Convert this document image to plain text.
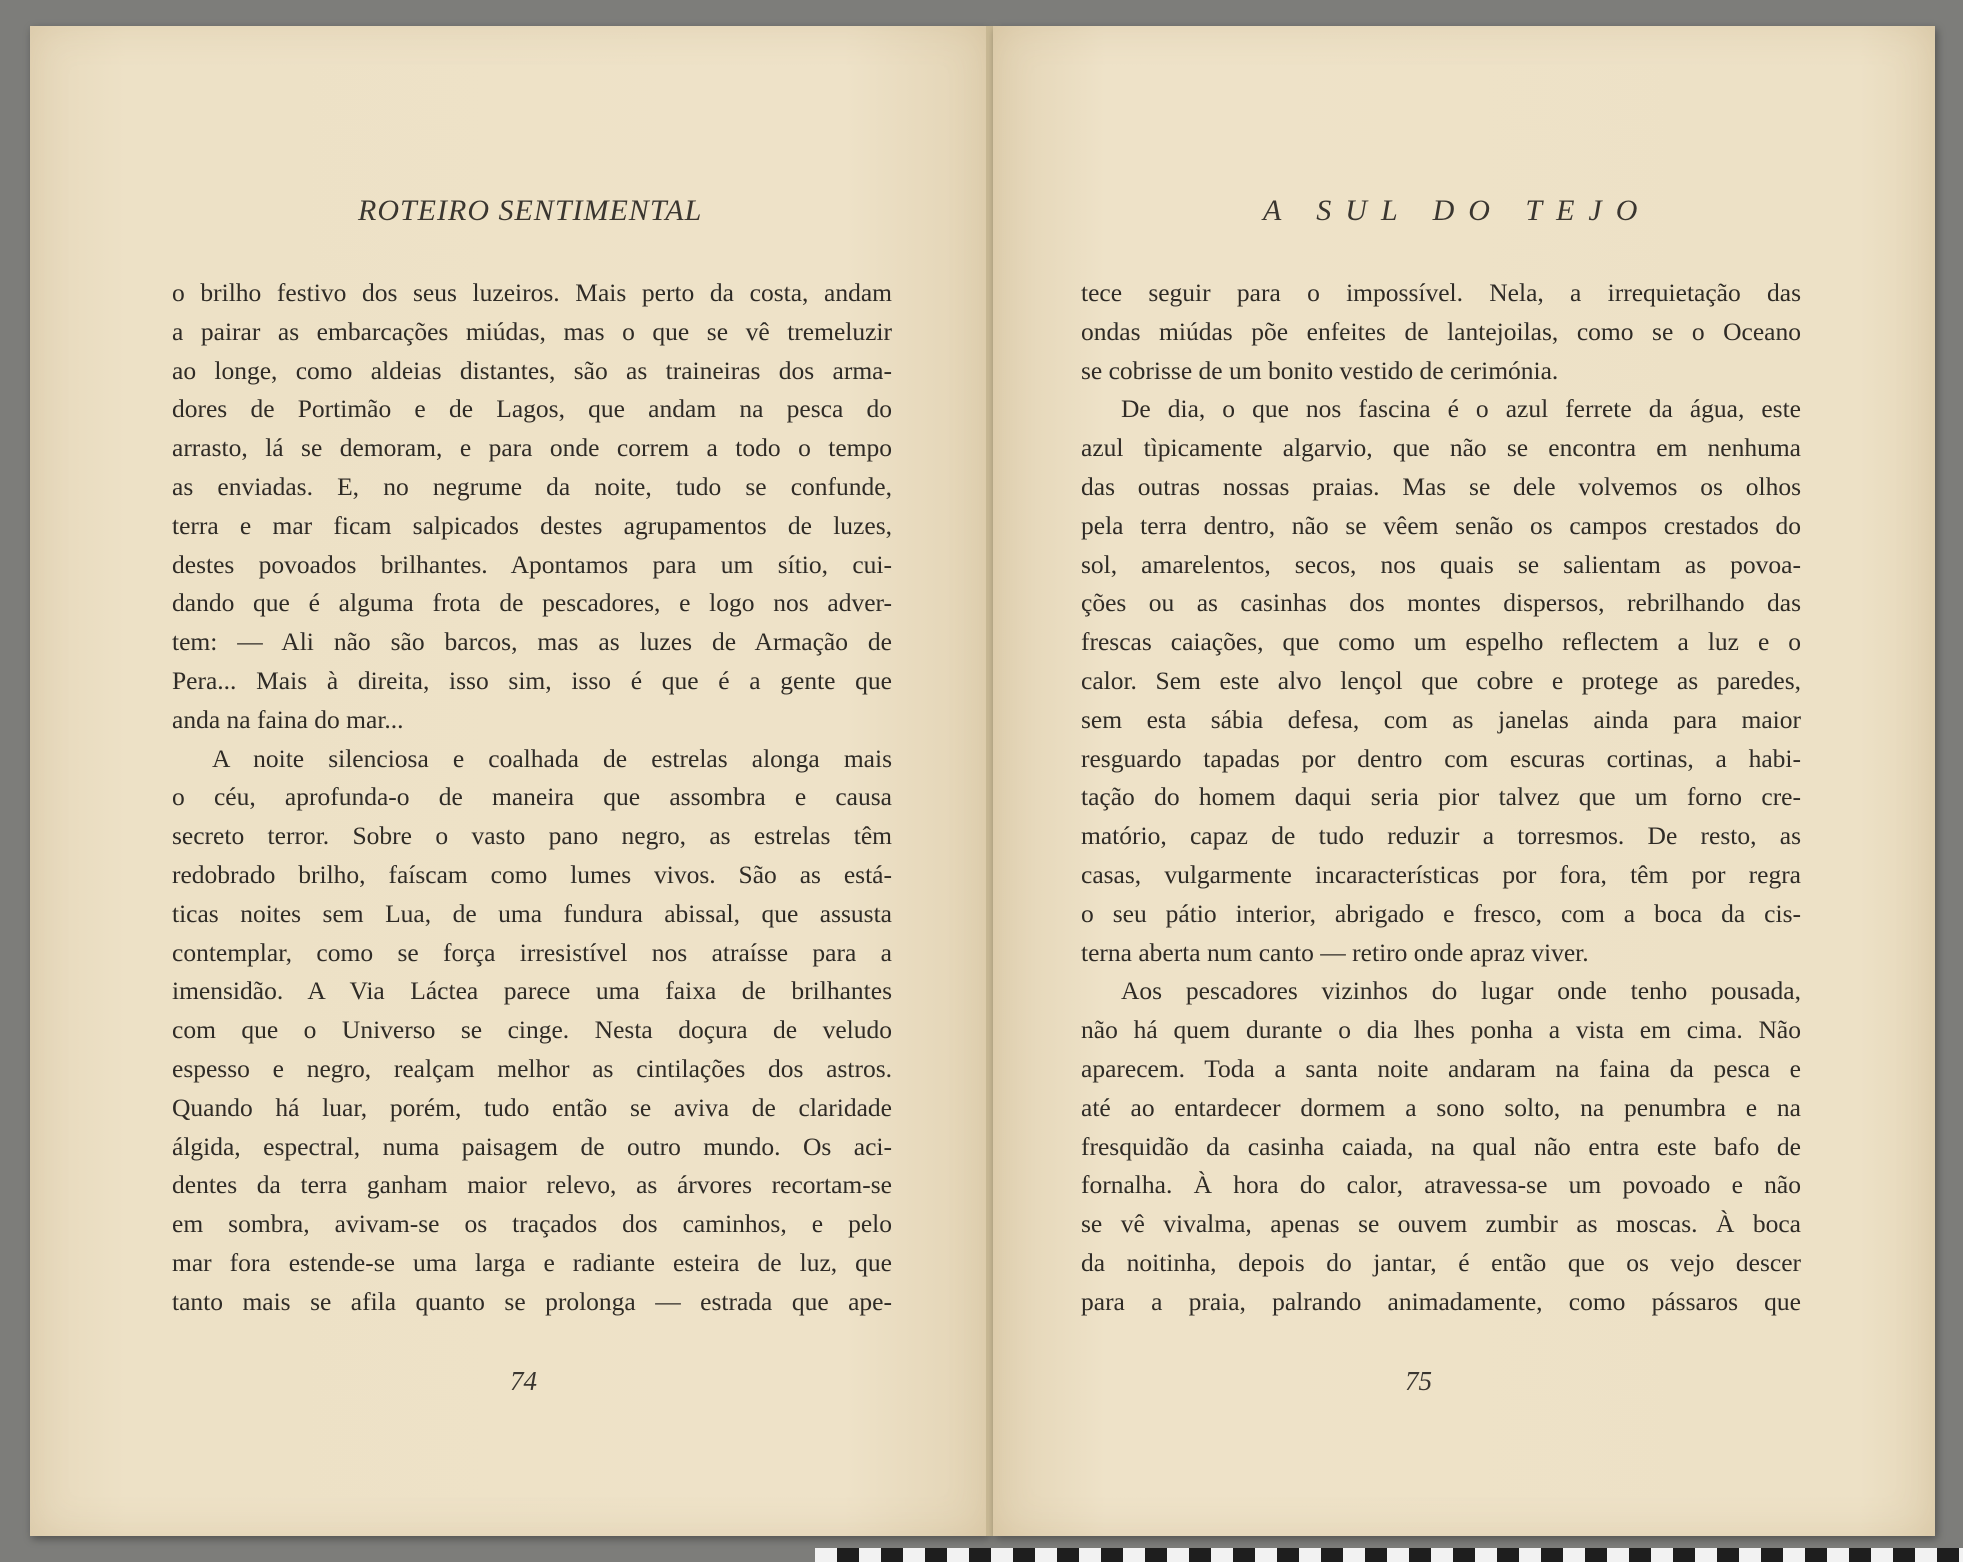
ROTEIRO SENTIMENTAL
o brilho festivo dos seus luzeiros. Mais perto da costa, andam
a pairar as embarcações miúdas, mas o que se vê tremeluzir
ao longe, como aldeias distantes, são as traineiras dos arma-
dores de Portimão e de Lagos, que andam na pesca do
arrasto, lá se demoram, e para onde correm a todo o tempo
as enviadas. E, no negrume da noite, tudo se confunde,
terra e mar ficam salpicados destes agrupamentos de luzes,
destes povoados brilhantes. Apontamos para um sítio, cui-
dando que é alguma frota de pescadores, e logo nos adver-
tem: — Ali não são barcos, mas as luzes de Armação de
Pera... Mais à direita, isso sim, isso é que é a gente que
anda na faina do mar...
A noite silenciosa e coalhada de estrelas alonga mais
o céu, aprofunda-o de maneira que assombra e causa
secreto terror. Sobre o vasto pano negro, as estrelas têm
redobrado brilho, faíscam como lumes vivos. São as está-
ticas noites sem Lua, de uma fundura abissal, que assusta
contemplar, como se força irresistível nos atraísse para a
imensidão. A Via Láctea parece uma faixa de brilhantes
com que o Universo se cinge. Nesta doçura de veludo
espesso e negro, realçam melhor as cintilações dos astros.
Quando há luar, porém, tudo então se aviva de claridade
álgida, espectral, numa paisagem de outro mundo. Os aci-
dentes da terra ganham maior relevo, as árvores recortam-se
em sombra, avivam-se os traçados dos caminhos, e pelo
mar fora estende-se uma larga e radiante esteira de luz, que
tanto mais se afila quanto se prolonga — estrada que ape-
74
A SUL DO TEJO
tece seguir para o impossível. Nela, a irrequietação das
ondas miúdas põe enfeites de lantejoilas, como se o Oceano
se cobrisse de um bonito vestido de cerimónia.
De dia, o que nos fascina é o azul ferrete da água, este
azul tìpicamente algarvio, que não se encontra em nenhuma
das outras nossas praias. Mas se dele volvemos os olhos
pela terra dentro, não se vêem senão os campos crestados do
sol, amarelentos, secos, nos quais se salientam as povoa-
ções ou as casinhas dos montes dispersos, rebrilhando das
frescas caiações, que como um espelho reflectem a luz e o
calor. Sem este alvo lençol que cobre e protege as paredes,
sem esta sábia defesa, com as janelas ainda para maior
resguardo tapadas por dentro com escuras cortinas, a habi-
tação do homem daqui seria pior talvez que um forno cre-
matório, capaz de tudo reduzir a torresmos. De resto, as
casas, vulgarmente incaracterísticas por fora, têm por regra
o seu pátio interior, abrigado e fresco, com a boca da cis-
terna aberta num canto — retiro onde apraz viver.
Aos pescadores vizinhos do lugar onde tenho pousada,
não há quem durante o dia lhes ponha a vista em cima. Não
aparecem. Toda a santa noite andaram na faina da pesca e
até ao entardecer dormem a sono solto, na penumbra e na
fresquidão da casinha caiada, na qual não entra este bafo de
fornalha. À hora do calor, atravessa-se um povoado e não
se vê vivalma, apenas se ouvem zumbir as moscas. À boca
da noitinha, depois do jantar, é então que os vejo descer
para a praia, palrando animadamente, como pássaros que
75
